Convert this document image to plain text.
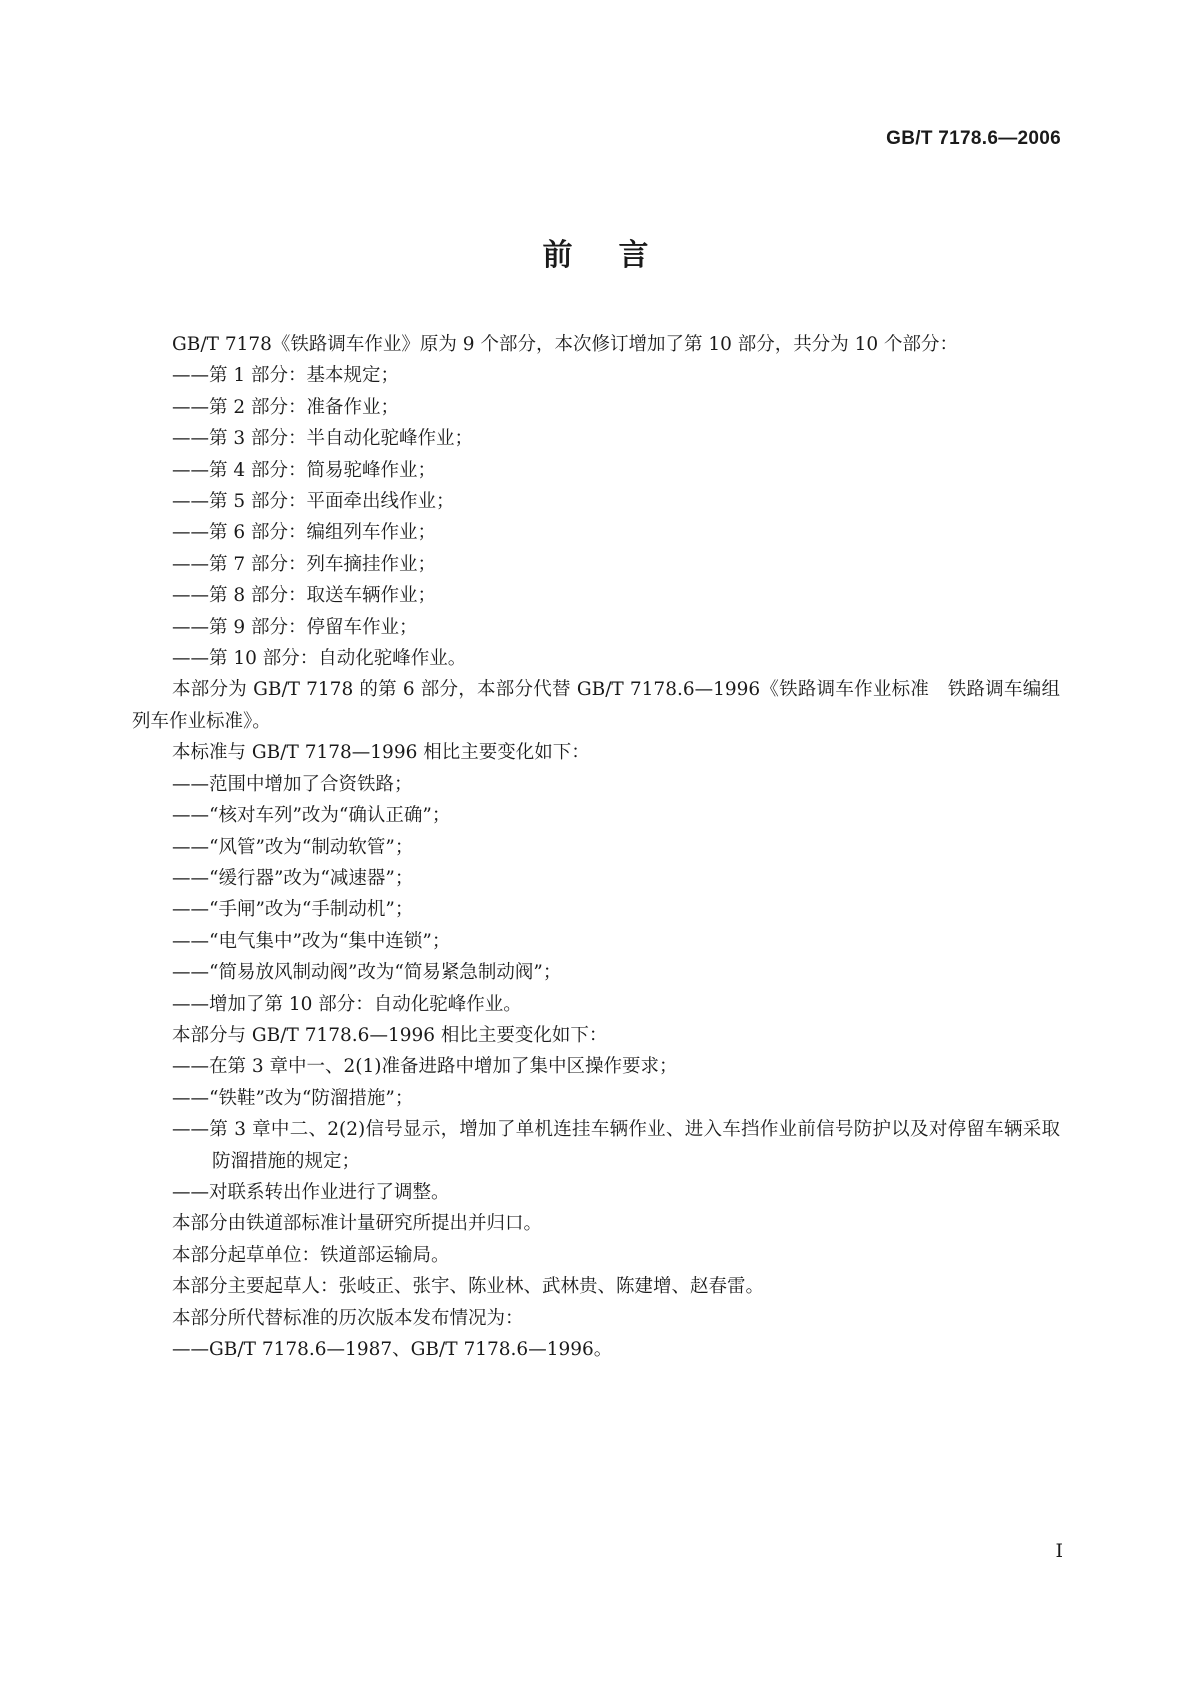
GB/T 7178.6—2006
前言

GB/T 7178《铁路调车作业》原为 9 个部分，本次修订增加了第 10 部分，共分为 10 个部分：

——第 1 部分：基本规定；

——第 2 部分：准备作业；

——第 3 部分：半自动化驼峰作业；

——第 4 部分：简易驼峰作业；

——第 5 部分：平面牵出线作业；

——第 6 部分：编组列车作业；

——第 7 部分：列车摘挂作业；

——第 8 部分：取送车辆作业；

——第 9 部分：停留车作业；

——第 10 部分：自动化驼峰作业。

本部分为 GB/T 7178 的第 6 部分，本部分代替 GB/T 7178.6—1996《铁路调车作业标准　铁路调车编组列车作业标准》。

本标准与 GB/T 7178—1996 相比主要变化如下：

——范围中增加了合资铁路；

——“核对车列”改为“确认正确”；

——“风管”改为“制动软管”；

——“缓行器”改为“减速器”；

——“手闸”改为“手制动机”；

——“电气集中”改为“集中连锁”；

——“简易放风制动阀”改为“简易紧急制动阀”；

——增加了第 10 部分：自动化驼峰作业。

本部分与 GB/T 7178.6—1996 相比主要变化如下：

——在第 3 章中一、2(1)准备进路中增加了集中区操作要求；

——“铁鞋”改为“防溜措施”；

——第 3 章中二、2(2)信号显示，增加了单机连挂车辆作业、进入车挡作业前信号防护以及对停留车辆采取防溜措施的规定；

——对联系转出作业进行了调整。

本部分由铁道部标准计量研究所提出并归口。

本部分起草单位：铁道部运输局。

本部分主要起草人：张岐正、张宇、陈业林、武林贵、陈建增、赵春雷。

本部分所代替标准的历次版本发布情况为：

——GB/T 7178.6—1987、GB/T 7178.6—1996。

I
